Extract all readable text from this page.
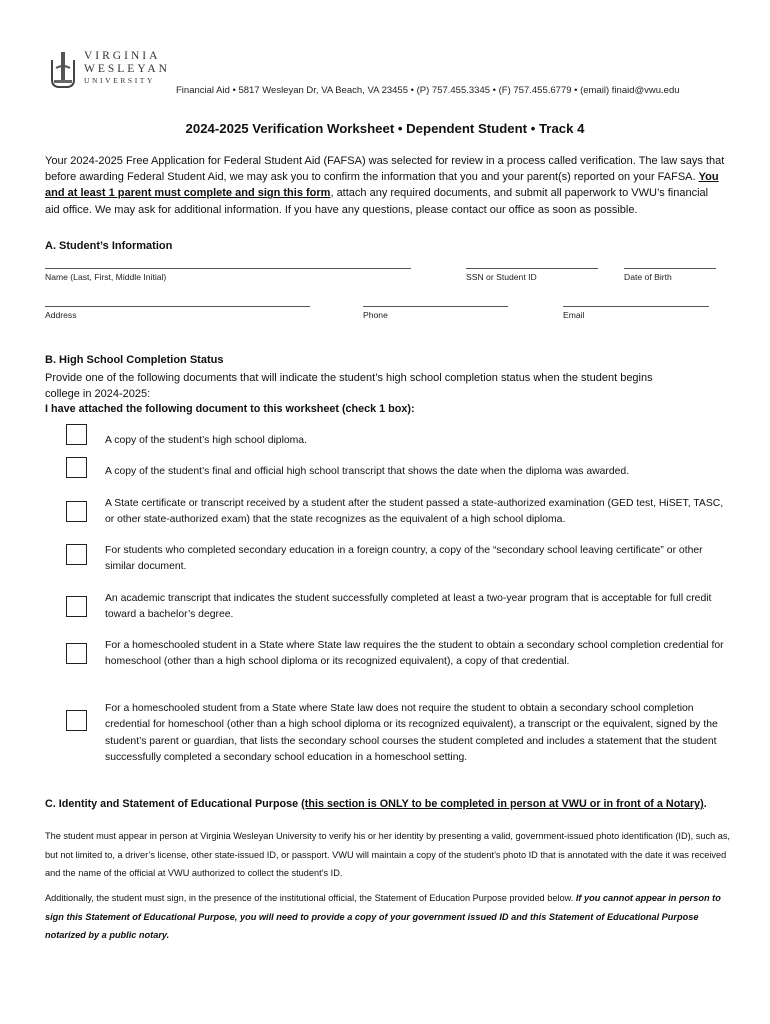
VIRGINIA
WESLEYAN
UNIVERSITY
Financial Aid • 5817 Wesleyan Dr, VA Beach, VA 23455 • (P) 757.455.3345 • (F) 757.455.6779 • (email) finaid@vwu.edu
2024-2025 Verification Worksheet • Dependent Student • Track 4
Your 2024-2025 Free Application for Federal Student Aid (FAFSA) was selected for review in a process called verification. The law says that before awarding Federal Student Aid, we may ask you to confirm the information that you and your parent(s) reported on your FAFSA. You and at least 1 parent must complete and sign this form, attach any required documents, and submit all paperwork to VWU’s financial aid office. We may ask for additional information. If you have any questions, please contact our office as soon as possible.
A. Student’s Information
Name (Last, First, Middle Initial)	SSN or Student ID	Date of Birth
Address	Phone	Email
B. High School Completion Status
Provide one of the following documents that will indicate the student’s high school completion status when the student begins college in 2024-2025:
I have attached the following document to this worksheet (check 1 box):
A copy of the student’s high school diploma.
A copy of the student’s final and official high school transcript that shows the date when the diploma was awarded.
A State certificate or transcript received by a student after the student passed a state-authorized examination (GED test, HiSET, TASC, or other state-authorized exam) that the state recognizes as the equivalent of a high school diploma.
For students who completed secondary education in a foreign country, a copy of the “secondary school leaving certificate” or other similar document.
An academic transcript that indicates the student successfully completed at least a two-year program that is acceptable for full credit toward a bachelor’s degree.
For a homeschooled student in a State where State law requires the the student to obtain a secondary school completion credential for homeschool (other than a high school diploma or its recognized equivalent), a copy of that credential.
For a homeschooled student from a State where State law does not require the student to obtain a secondary school completion credential for homeschool (other than a high school diploma or its recognized equivalent), a transcript or the equivalent, signed by the student’s parent or guardian, that lists the secondary school courses the student completed and includes a statement that the student successfully completed a secondary school education in a homeschool setting.
C. Identity and Statement of Educational Purpose (this section is ONLY to be completed in person at VWU or in front of a Notary).
The student must appear in person at Virginia Wesleyan University to verify his or her identity by presenting a valid, government-issued photo identification (ID), such as, but not limited to, a driver’s license, other state-issued ID, or passport. VWU will maintain a copy of the student’s photo ID that is annotated with the date it was received and the name of the official at VWU authorized to collect the student’s ID.
Additionally, the student must sign, in the presence of the institutional official, the Statement of Education Purpose provided below. If you cannot appear in person to sign this Statement of Educational Purpose, you will need to provide a copy of your government issued ID and this Statement of Educational Purpose notarized by a public notary.
